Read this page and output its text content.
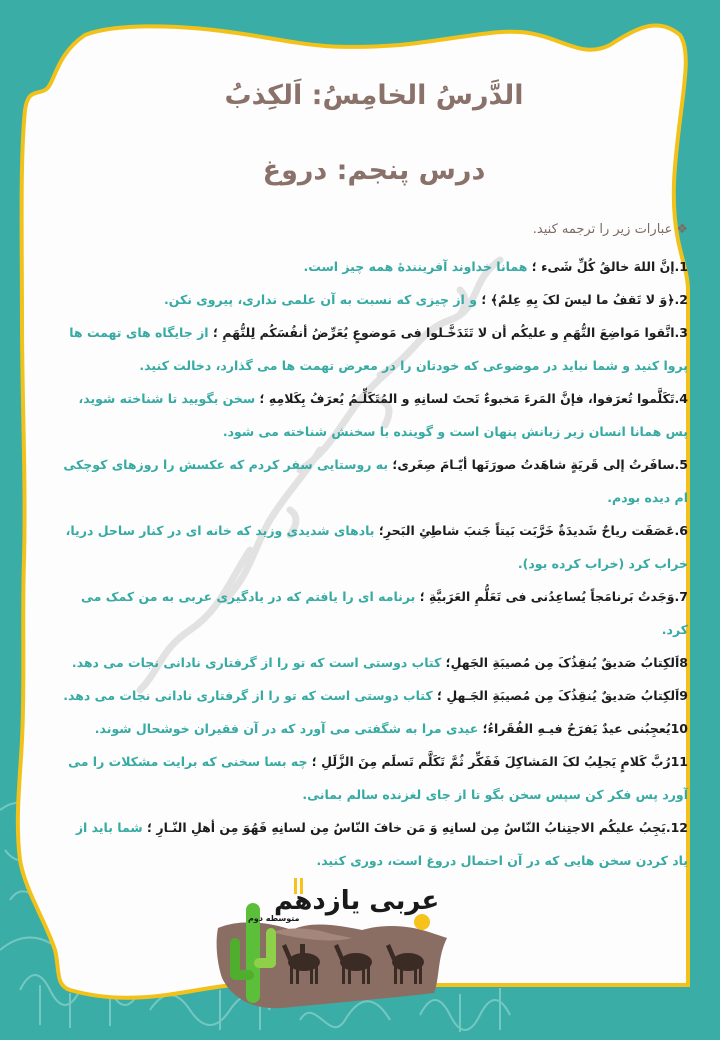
الدَّرسُ الخامِسُ: اَلکِذبُ
درس پنجم: دروغ
❖
عبارات زیر را ترجمه کنید.

1.إنَّ اللهَ خالقُ کُلِّ شَیء ؛ همانا خداوند آفرینندهٔ همه چیز است.

2.﴿وَ لا تَقفُ ما لیسَ لکَ بِهِ عِلمٌ﴾ ؛ و از چیزی که نسبت به آن علمی نداری، پیروی نکن.

3.اتَّقوا مَواضِعَ التُّهَمِ و علیکُم أن لا تَتَدَخَّـلوا فی مَوضوعٍ یُعَرِّضُ أنفُسَکُم لِلتُّهَمِ ؛ از جایگاه های تهمت ها پروا کنید و شما نباید در موضوعی که خودتان را در معرض تهمت ها می گذارد، دخالت کنید.

4.تَکَلَّموا تُعرَفوا، فإنَّ المَرءَ مَخبوءٌ تَحتَ لسانِهِ و المُتَکَلِّـمُ یُعرَفُ بِکَلامِهِ ؛ سخن بگویید تا شناخته شوید، پس همانا انسان زیر زبانش پنهان است و گوینده با سخنش شناخته می شود.

5.سافَرتُ إلی قَریَةٍ شاهَدتُ صورَتَها أیّـامَ صِغَری؛ به روستایی سفر کردم که عکسش را روزهای کوچکی ام دیده بودم.

6.عَصَفَت ریاحٌ شَدیدَةٌ خَرَّبَت بَیتاً جَنبَ شاطِئِ البَحرِ؛ بادهای شدیدی وزید که خانه ای در کنار ساحل دریا، خراب کرد (خراب کرده بود).

7.وَجَدتُ بَرنامَجاً یُساعِدُنی فی تَعَلُّمِ العَرَبیَّةِ ؛ برنامه ای را یافتم که در یادگیری عربی به من کمک می کرد.

8اَلکِتابُ صَدیقٌ یُنقِذُکَ مِن مُصیبَةِ الجَهلِ؛ کتاب دوستی است که تو را از گرفتاری نادانی نجات می دهد.

9اَلکِتابُ صَدیقٌ یُنقِذُکَ مِن مُصیبَةِ الجَـهلِ ؛ کتاب دوستی است که تو را از گرفتاری نادانی نجات می دهد.

10یُعجِبُنی عیدٌ یَفرَحُ فیـهِ الفُقَراءُ؛ عیدی مرا به شگفتی می آورد که در آن فقیران خوشحال شوند.

11رُبَّ کَلامٍ یَجلِبُ لکَ المَشاکِلَ فَفَکِّر ثُمَّ تَکَلَّم تَسلَم مِنَ الزَّلَلِ ؛ چه بسا سخنی که برایت مشکلات را می آورد پس فکر کن سپس سخن بگو تا از جای لغزنده سالم بمانی.

12.یَجِبُ علیکُم الاجتِنابُ النّاسُ مِن لسانِهِ وَ مَن خافَ النّاسُ مِن لسانِهِ فَهُوَ مِن أهلِ النّـارِ ؛ شما باید از یاد کردن سخن هایی که در آن احتمال دروغ است، دوری کنید.

عربی یازدهم
متوسطه دوم
